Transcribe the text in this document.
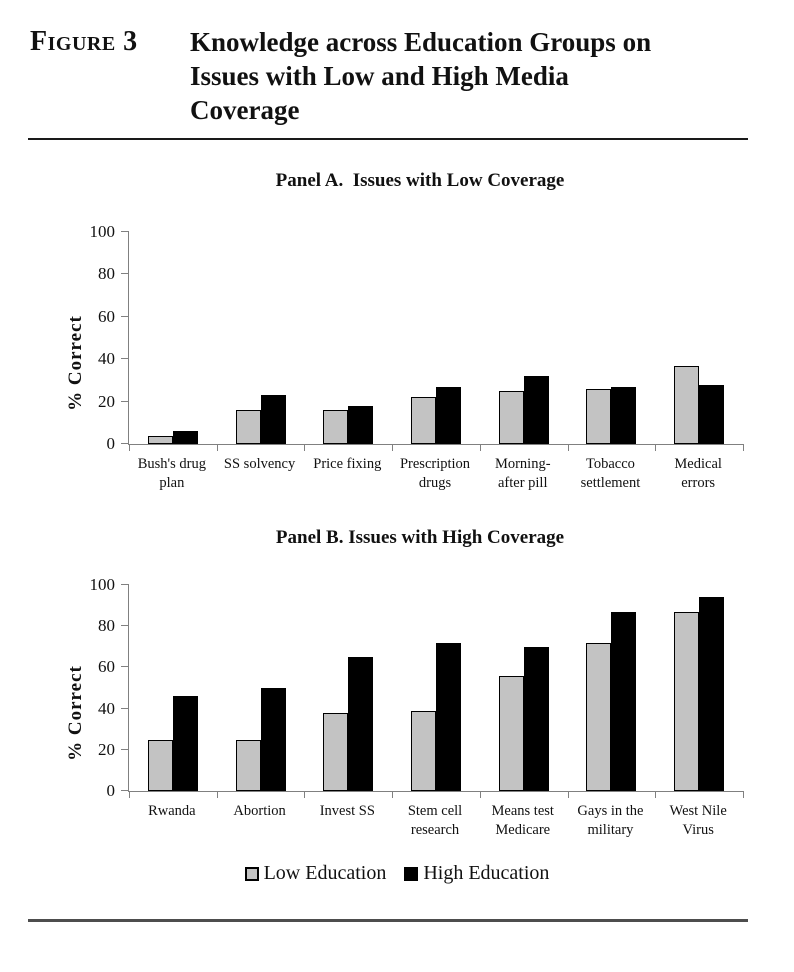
Figure 3	Knowledge across Education Groups on Issues with Low and High Media Coverage
Panel A.  Issues with Low Coverage
% Correct
0
20
40
60
80
100
Bush's drug plan
SS solvency	Price fixing	Prescription drugs
Morning-after pill
Tobacco settlement
Medical errors
Panel B. Issues with High Coverage
% Correct
0
20
40
60
80
100
Rwanda	Abortion	Invest SS	Stem cell research
Means test Medicare
Gays in the military
West Nile Virus
Low Education High Education
